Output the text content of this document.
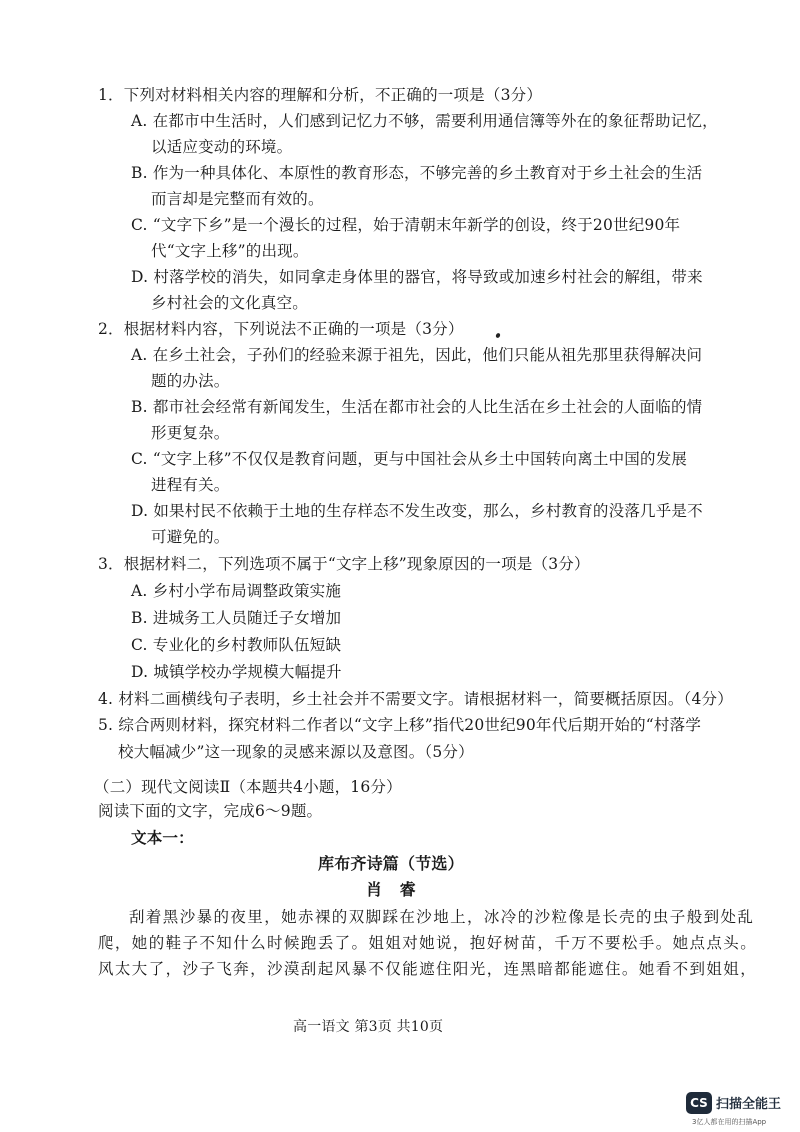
1．下列对材料相关内容的理解和分析，不正确的一项是（3分）
A. 在都市中生活时，人们感到记忆力不够，需要利用通信簿等外在的象征帮助记忆，
以适应变动的环境。
B. 作为一种具体化、本原性的教育形态，不够完善的乡土教育对于乡土社会的生活
而言却是完整而有效的。
C. “文字下乡”是一个漫长的过程，始于清朝末年新学的创设，终于20世纪90年
代“文字上移”的出现。
D. 村落学校的消失，如同拿走身体里的器官，将导致或加速乡村社会的解组，带来
乡村社会的文化真空。
2．根据材料内容，下列说法不正确的一项是（3分）
A. 在乡土社会，子孙们的经验来源于祖先，因此，他们只能从祖先那里获得解决问
题的办法。
B. 都市社会经常有新闻发生，生活在都市社会的人比生活在乡土社会的人面临的情
形更复杂。
C. “文字上移”不仅仅是教育问题，更与中国社会从乡土中国转向离土中国的发展
进程有关。
D. 如果村民不依赖于土地的生存样态不发生改变，那么，乡村教育的没落几乎是不
可避免的。
3．根据材料二，下列选项不属于“文字上移”现象原因的一项是（3分）
A. 乡村小学布局调整政策实施
B. 进城务工人员随迁子女增加
C. 专业化的乡村教师队伍短缺
D. 城镇学校办学规模大幅提升
4. 材料二画横线句子表明，乡土社会并不需要文字。请根据材料一，简要概括原因。（4分）
5. 综合两则材料，探究材料二作者以“文字上移”指代20世纪90年代后期开始的“村落学
校大幅减少”这一现象的灵感来源以及意图。（5分）
（二）现代文阅读Ⅱ（本题共4小题，16分）
阅读下面的文字，完成6～9题。
文本一：
库布齐诗篇（节选）
肖 睿
刮着黑沙暴的夜里，她赤裸的双脚踩在沙地上，冰冷的沙粒像是长壳的虫子般到处乱
爬，她的鞋子不知什么时候跑丢了。姐姐对她说，抱好树苗，千万不要松手。她点点头。
风太大了，沙子飞奔，沙漠刮起风暴不仅能遮住阳光，连黑暗都能遮住。她看不到姐姐，
高一语文 第3页 共10页
CS 扫描全能王
3亿人都在用的扫描App
